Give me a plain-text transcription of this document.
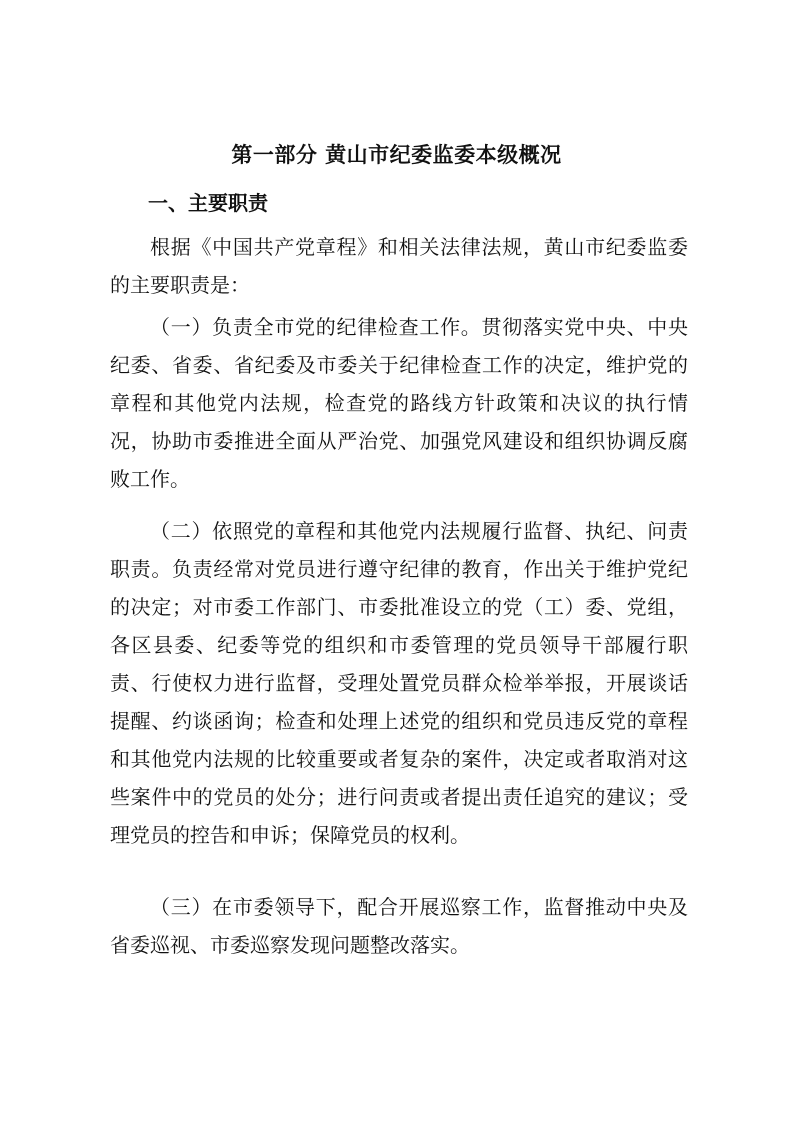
第一部分 黄山市纪委监委本级概况
一、主要职责

根据《中国共产党章程》和相关法律法规，黄山市纪委监委的主要职责是：

（一）负责全市党的纪律检查工作。贯彻落实党中央、中央纪委、省委、省纪委及市委关于纪律检查工作的决定，维护党的章程和其他党内法规，检查党的路线方针政策和决议的执行情况，协助市委推进全面从严治党、加强党风建设和组织协调反腐败工作。

（二）依照党的章程和其他党内法规履行监督、执纪、问责职责。负责经常对党员进行遵守纪律的教育，作出关于维护党纪的决定；对市委工作部门、市委批准设立的党（工）委、党组，各区县委、纪委等党的组织和市委管理的党员领导干部履行职责、行使权力进行监督，受理处置党员群众检举举报，开展谈话提醒、约谈函询；检查和处理上述党的组织和党员违反党的章程和其他党内法规的比较重要或者复杂的案件，决定或者取消对这些案件中的党员的处分；进行问责或者提出责任追究的建议；受理党员的控告和申诉；保障党员的权利。

（三）在市委领导下，配合开展巡察工作，监督推动中央及省委巡视、市委巡察发现问题整改落实。
